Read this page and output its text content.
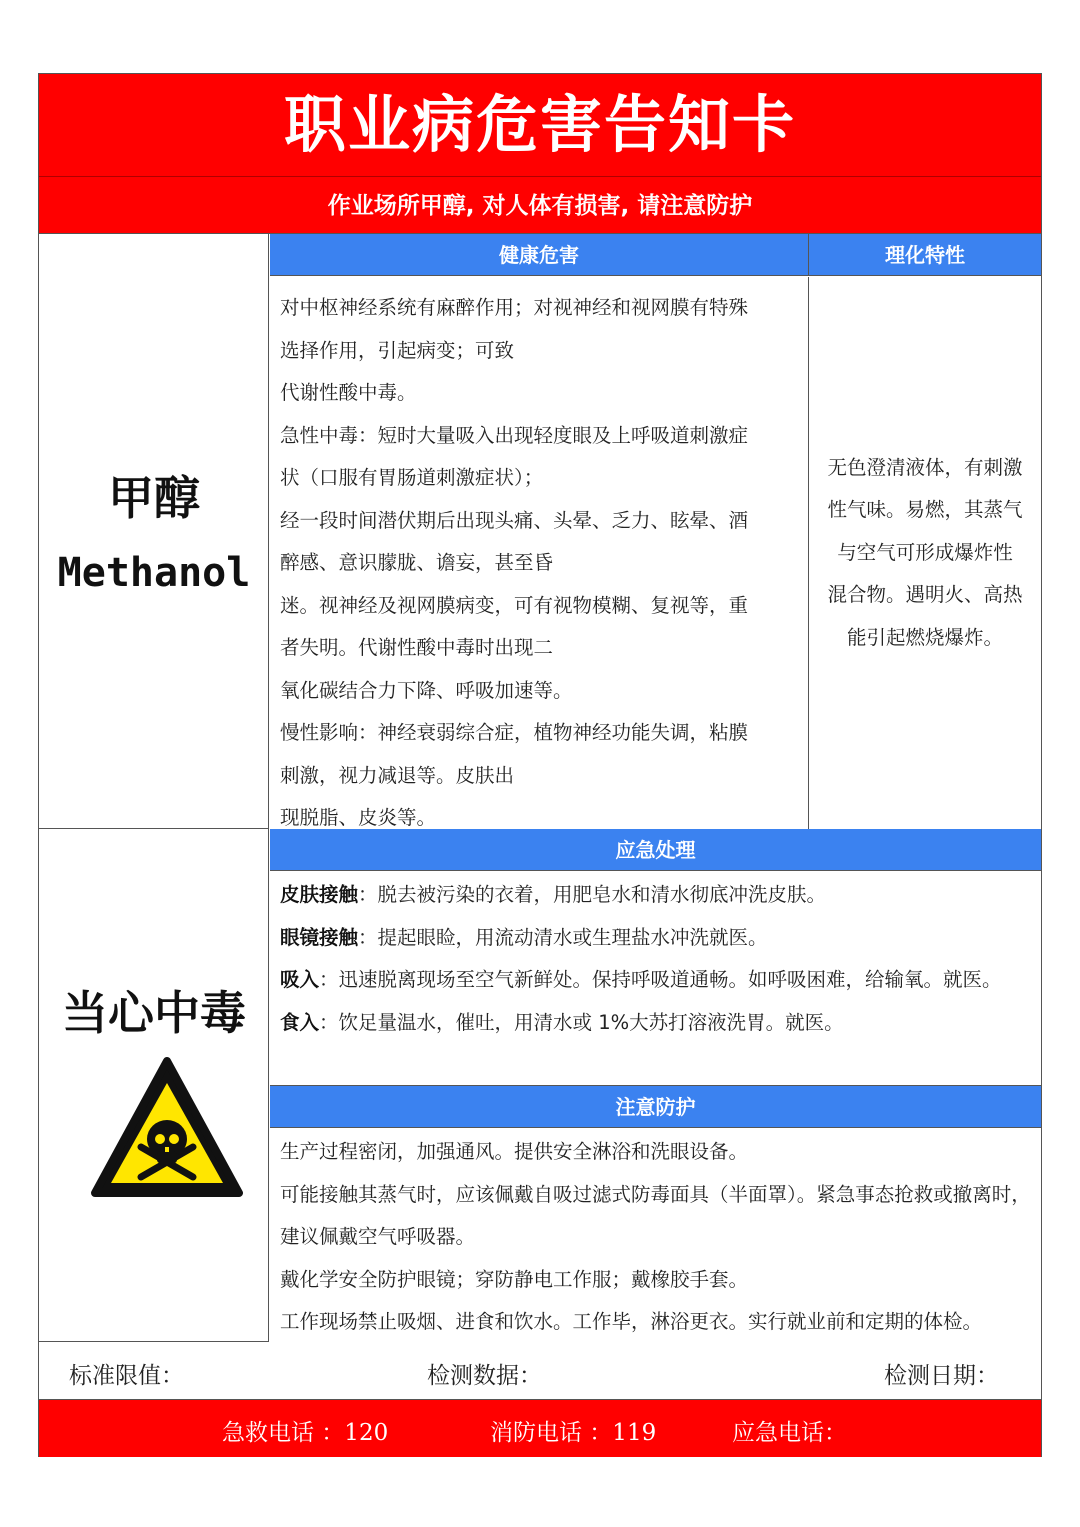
职业病危害告知卡
作业场所甲醇, 对人体有损害, 请注意防护
甲醇
Methanol
健康危害	理化特性
对中枢神经系统有麻醉作用；对视神经和视网膜有特殊
选择作用，引起病变；可致
代谢性酸中毒。
急性中毒：短时大量吸入出现轻度眼及上呼吸道刺激症
状（口服有胃肠道刺激症状）；
经一段时间潜伏期后出现头痛、头晕、乏力、眩晕、酒
醉感、意识朦胧、谵妄，甚至昏
迷。视神经及视网膜病变，可有视物模糊、复视等，重
者失明。代谢性酸中毒时出现二
氧化碳结合力下降、呼吸加速等。
慢性影响：神经衰弱综合症，植物神经功能失调，粘膜
刺激，视力减退等。皮肤出
现脱脂、皮炎等。
无色澄清液体，有刺激
性气味。易燃，其蒸气
与空气可形成爆炸性
混合物。遇明火、高热
能引起燃烧爆炸。
当心中毒
应急处理
皮肤接触：脱去被污染的衣着，用肥皂水和清水彻底冲洗皮肤。
眼镜接触：提起眼睑，用流动清水或生理盐水冲洗就医。
吸入：迅速脱离现场至空气新鲜处。保持呼吸道通畅。如呼吸困难，给输氧。就医。
食入：饮足量温水，催吐，用清水或 1%大苏打溶液洗胃。就医。
注意防护
生产过程密闭，加强通风。提供安全淋浴和洗眼设备。
可能接触其蒸气时，应该佩戴自吸过滤式防毒面具（半面罩）。紧急事态抢救或撤离时，建议佩戴空气呼吸器。
戴化学安全防护眼镜；穿防静电工作服；戴橡胶手套。
工作现场禁止吸烟、进食和饮水。工作毕，淋浴更衣。实行就业前和定期的体检。
标准限值：	检测数据：	检测日期：
急救电话 ：120	消防电话 ：119	应急电话：
